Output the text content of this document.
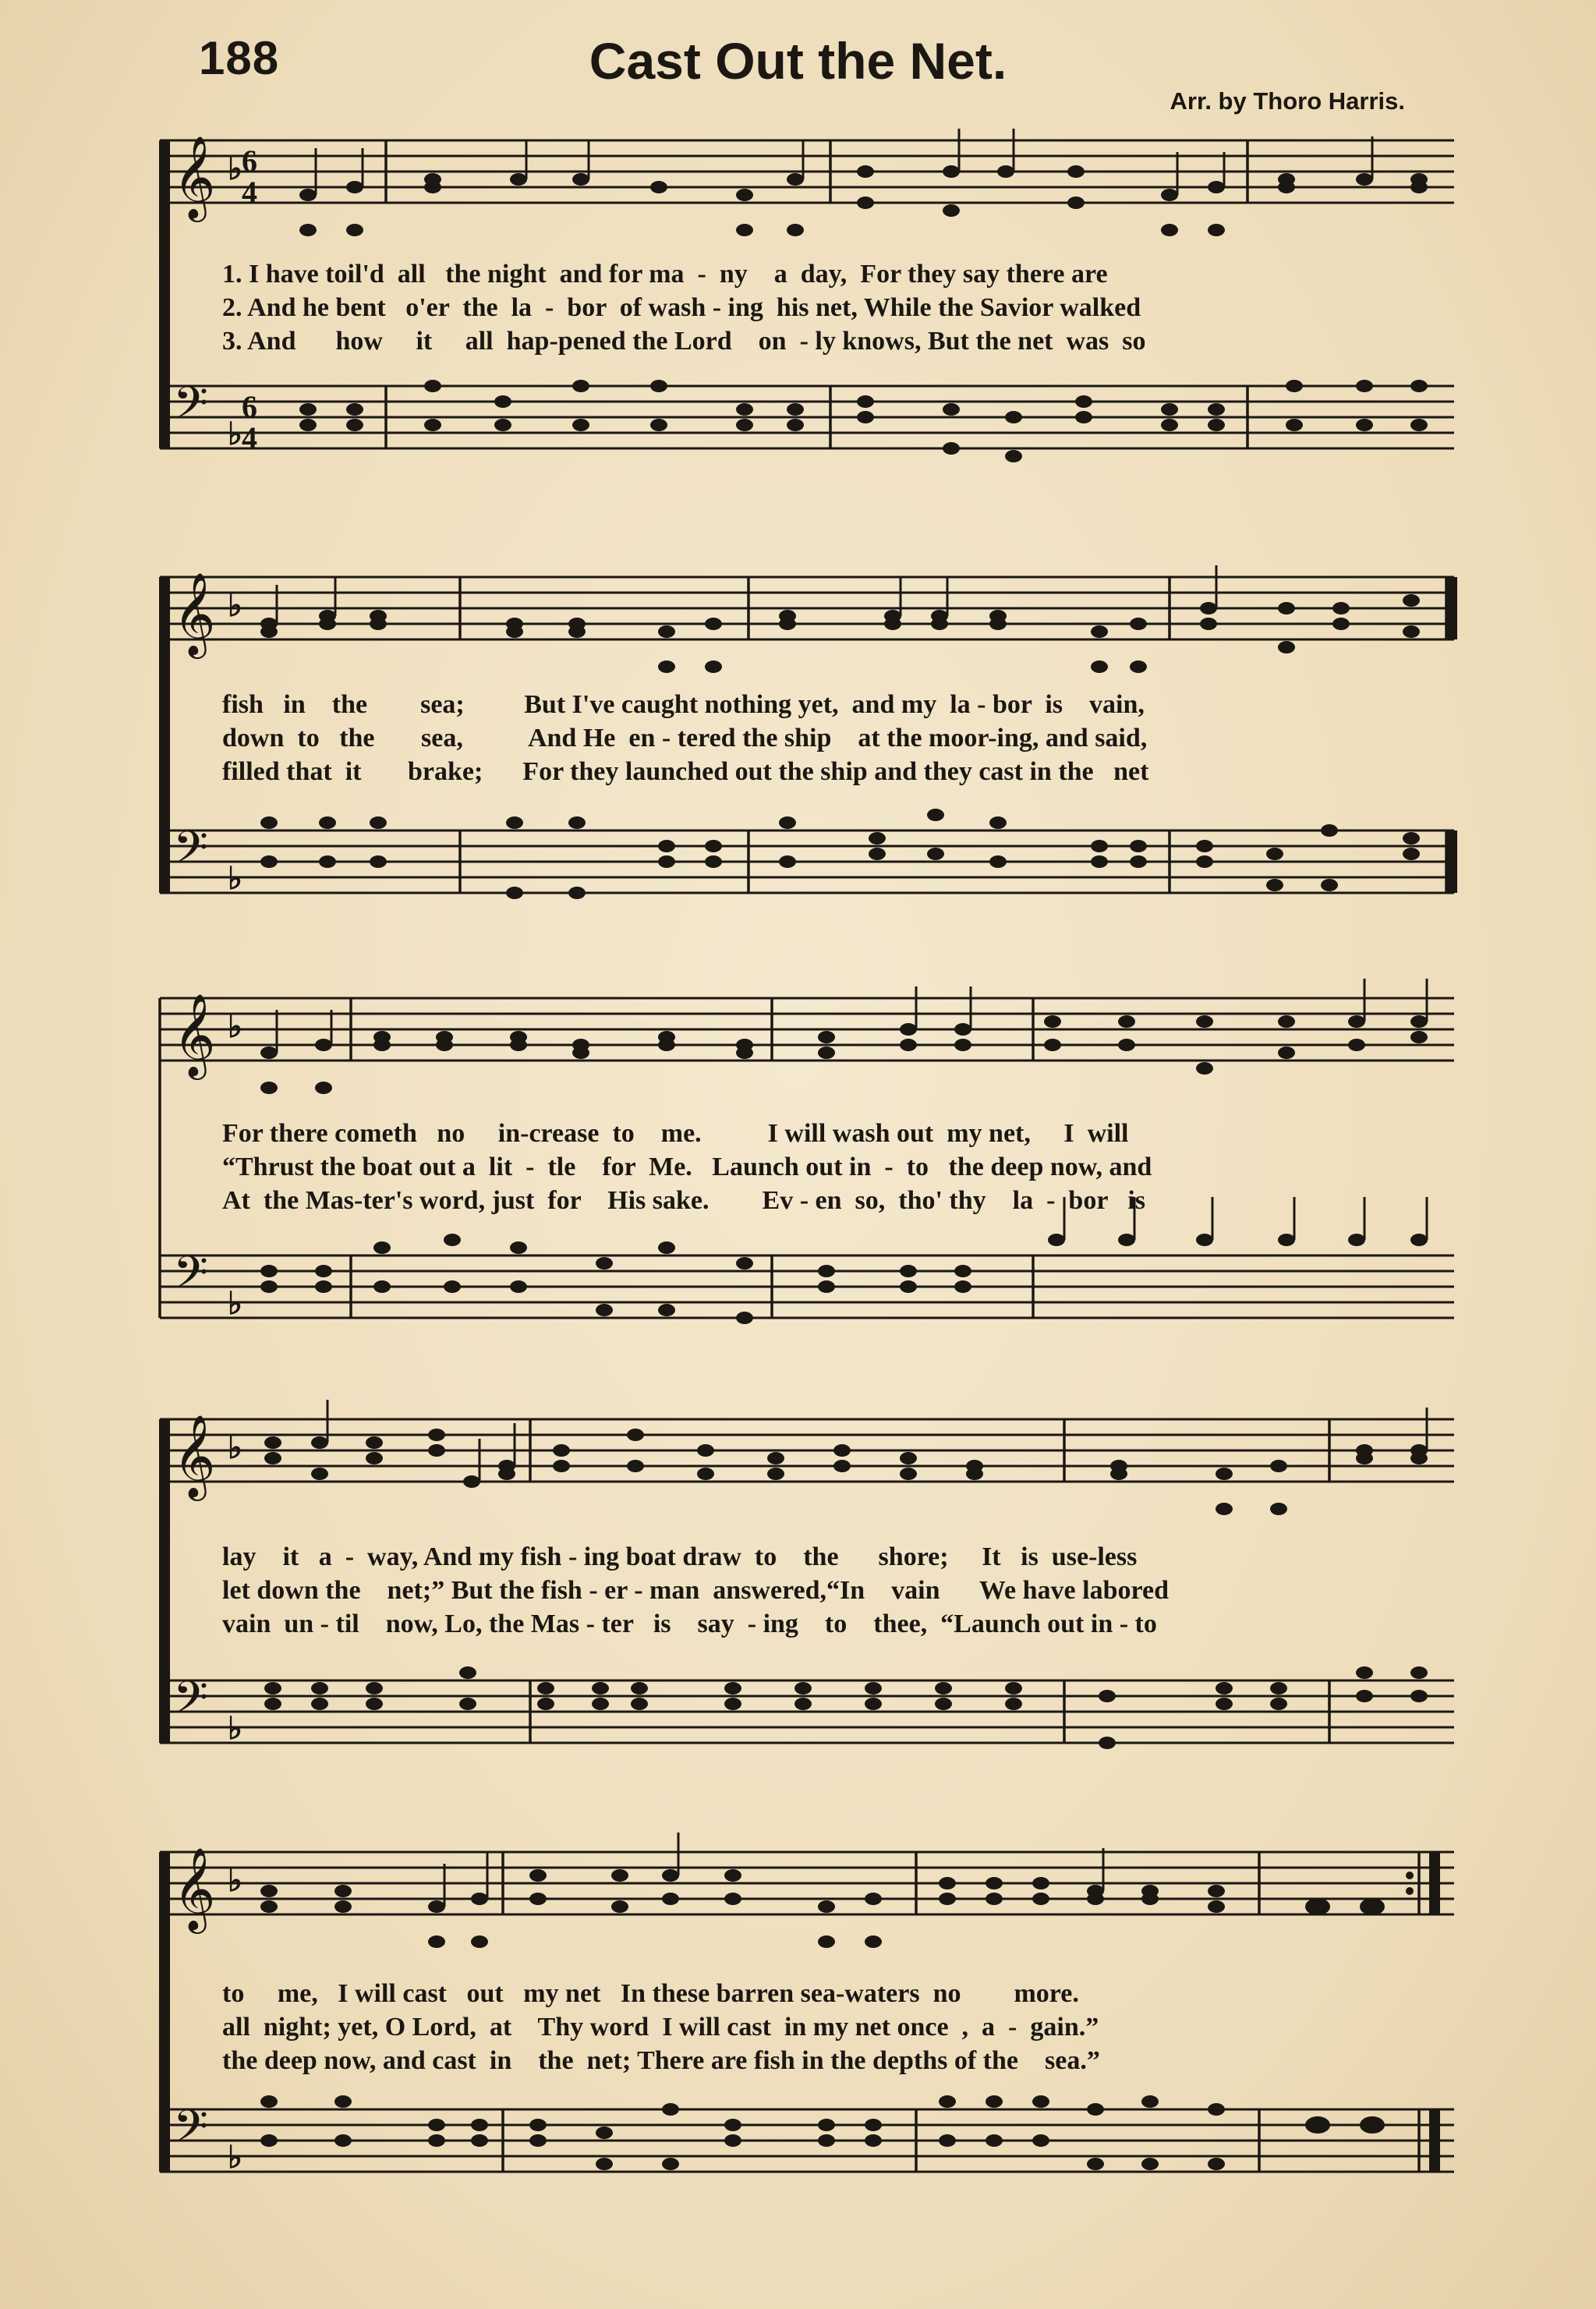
188	Cast Out the Net.
Arr. by Thoro Harris.
𝄞
𝄢
♭ 6
4
♭
6
4
1. I have toil'd  all   the night  and for ma  -  ny    a  day,  For they say there are
2. And he bent   o'er  the  la  -  bor  of wash - ing  his net, While the Savior walked
3. And      how     it     all  hap-pened the Lord    on  - ly knows, But the net  was  so
𝄞
𝄢
♭
♭
fish   in    the        sea;         But I've caught nothing yet,  and my  la - bor  is    vain,
down  to   the       sea,          And He  en - tered the ship    at the moor-ing, and said,
filled that  it       brake;      For they launched out the ship and they cast in the   net
𝄞
𝄢
♭
♭
For there cometh   no     in-crease  to    me.          I will wash out  my net,     I  will
“Thrust the boat out a  lit  -  tle    for  Me.   Launch out in  -  to   the deep now, and
At  the Mas-ter's word, just  for    His sake.        Ev - en  so,  tho' thy    la  -  bor   is
𝄞
𝄢
♭
♭
lay    it   a  -  way, And my fish - ing boat draw  to    the      shore;     It   is  use-less
let down the    net;” But the fish - er - man  answered,“In    vain      We have labored
vain  un - til    now, Lo, the Mas - ter   is    say  - ing    to    thee,  “Launch out in - to
𝄞
𝄢
♭
♭
to     me,   I will cast   out   my net   In these barren sea-waters  no        more.
all  night; yet, O Lord,  at    Thy word  I will cast  in my net once  ,  a  -  gain.”
the deep now, and cast  in    the  net; There are fish in the depths of the    sea.”
